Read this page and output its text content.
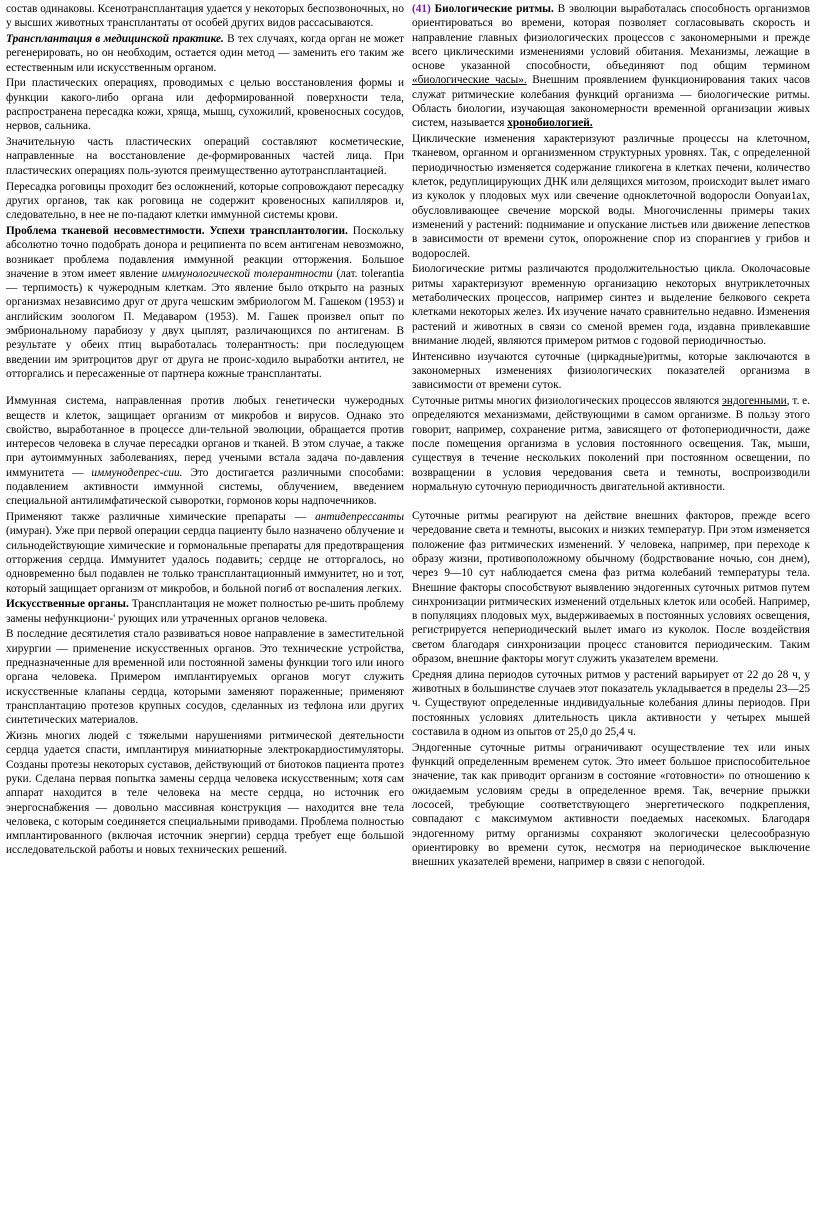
состав одинаковы. Ксенотрансплантация удается у некоторых беспозвоночных, но у высших животных трансплантаты от особей других видов рассасываются.

Трансплантация в медицинской практике. В тех случаях, когда орган не может регенерировать, но он необходим, остается один метод — заменить его таким же естественным или искусственным органом.

При пластических операциях, проводимых с целью восстановления формы и функции какого-либо органа или деформированной поверхности тела, распространена пересадка кожи, хряща, мышц, сухожилий, кровеносных сосудов, нервов, сальника.

Значительную часть пластических операций составляют косметические, направленные на восстановление де-формированных частей лица. При пластических операциях поль-зуются преимущественно аутотрансплантацией.

Пересадка роговицы проходит без осложнений, которые сопровождают пересадку других органов, так как роговица не содержит кровеносных капилляров и, следовательно, в нее не по-падают клетки иммунной системы крови.

Проблема тканевой несовместимости. Успехи трансплантологии. Поскольку абсолютно точно подобрать донора и реципиента по всем антигенам невозможно, возникает проблема подавления иммунной реакции отторжения. Большое значение в этом имеет явление иммунологической толерантности (лат. tolerantia — терпимость) к чужеродным клеткам. Это явление было открыто на разных организмах независимо друг от друга чешским эмбриологом М. Гашеком (1953) и английским зоологом П. Медаваром (1953). М. Гашек произвел опыт по эмбриональному парабиозу у двух цыплят, различающихся по антигенам. В результате у обеих птиц выработалась толерантность: при последующем введении им эритроцитов друг от друга не проис-ходило выработки антител, не отторгались и пересаженные от партнера кожные трансплантаты.

Иммунная система, направленная против любых генетически чужеродных веществ и клеток, защищает организм от микробов и вирусов. Однако это свойство, выработанное в процессе дли-тельной эволюции, обращается против интересов человека в случае пересадки органов и тканей. В этом случае, а также при аутоиммунных заболеваниях, перед учеными встала задача по-давления иммунитета — иммунодепрес-сии. Это достигается различными способами: подавлением активности иммунной системы, облучением, введением специальной антилимфатической сыворотки, гормонов коры надпочечников.

Применяют также различные химические препараты — антидепрессанты (имуран). Уже при первой операции сердца пациенту было назначено облучение и сильнодействующие химические и гормональные препараты для предотвращения отторжения сердца. Иммунитет удалось подавить; сердце не отторгалось, но одновременно был подавлен не только трансплантационный иммунитет, но и тот, который защищает организм от микробов, и больной погиб от воспаления легких.

Искусственные органы. Трансплантация не может полностью ре-шить проблему замены нефункциони-' рующих или утраченных органов человека.

В последние десятилетия стало развиваться новое направление в заместительной хирургии — применение искусственных органов. Это технические устройства, предназначенные для временной или постоянной замены функции того или иного органа человека. Примером имплантируемых органов могут служить искусственные клапаны сердца, которыми заменяют пораженные; применяют трансплантацию протезов крупных сосудов, сделанных из тефлона или других синтетических материалов.

Жизнь многих людей с тяжелыми нарушениями ритмической деятельности сердца удается спасти, имплантируя миниатюрные электрокардиостимуляторы. Созданы протезы некоторых суставов, действующий от биотоков пациента протез руки. Сделана первая попытка замены сердца человека искусственным; хотя сам аппарат находится в теле человека на месте сердца, но источник его энергоснабжения — довольно массивная конструкция — находится вне тела человека, с которым соединяется специальными приводами. Проблема полностью имплантированного (включая источник энергии) сердца требует еще большой исследовательской работы и новых технических решений.

(41) Биологические ритмы. В эволюции выработалась способность организмов ориентироваться во времени, которая позволяет согласовывать скорость и направление главных физиологических процессов с закономерными и прежде всего циклическими изменениями условий обитания. Механизмы, лежащие в основе указанной способности, объединяют под общим термином «биологические часы». Внешним проявлением функционирования таких часов служат ритмические колебания функций организма — биологические ритмы. Область биологии, изучающая закономерности временной организации живых систем, называется хронобиологией.

Циклические изменения характеризуют различные процессы на клеточном, тканевом, органном и организменном структурных уровнях. Так, с определенной периодичностью изменяется содержание гликогена в клетках печени, количество клеток, редуплицирующих ДНК или делящихся митозом, происходит вылет имаго из куколок у плодовых мух или свечение одноклеточной водоросли Ооnуаи1ах, обусловливающее свечение морской воды. Многочисленны примеры таких изменений у растений: поднимание и опускание листьев или движение лепестков в зависимости от времени суток, опорожнение спор из спорангиев у грибов и водорослей.

Биологические ритмы различаются продолжительностью цикла. Околочасовые ритмы характеризуют временную организацию некоторых внутриклеточных метаболических процессов, например синтез и выделение белкового секрета клетками некоторых желез. Их изучение начато сравнительно недавно. Изменения растений и животных в связи со сменой времен года, издавна привлекавшие внимание людей, являются примером ритмов с годовой периодичностью.

Интенсивно изучаются суточные (циркадные)ритмы, которые заключаются в закономерных изменениях физиологических показателей организма в зависимости от времени суток.

Суточные ритмы многих физиологических процессов являются эндогенными, т. е. определяются механизмами, действующими в самом организме. В пользу этого говорит, например, сохранение ритма, зависящего от фотопериодичности, даже после помещения организма в условия постоянного освещения. Так, мыши, существуя в течение нескольких поколений при постоянном освещении, по возвращении в условия чередования света и темноты, воспроизводили нормальную суточную периодичность двигательной активности.

Суточные ритмы реагируют на действие внешних факторов, прежде всего чередование света и темноты, высоких и низких температур. При этом изменяется положение фаз ритмических изменений. У человека, например, при переходе к образу жизни, противоположному обычному (бодрствование ночью, сон днем), через 9—10 сут наблюдается смена фаз ритма колебаний температуры тела. Внешние факторы способствуют выявлению эндогенных суточных ритмов путем синхронизации ритмических изменений отдельных клеток или особей. Например, в популяциях плодовых мух, выдерживаемых в постоянных условиях освещения, регистрируется непериодический вылет имаго из куколок. После воздействия светом благодаря синхронизации процесс становится периодическим. Таким образом, внешние факторы могут служить указателем времени.

Средняя длина периодов суточных ритмов у растений варьирует от 22 до 28 ч, у животных в большинстве случаев этот показатель укладывается в пределы 23—25 ч. Существуют определенные индивидуальные колебания длины периодов. При постоянных условиях длительность цикла активности у четырех мышей составила в одном из опытов от 25,0 до 25,4 ч.

Эндогенные суточные ритмы ограничивают осуществление тех или иных функций определенным временем суток. Это имеет большое приспособительное значение, так как приводит организм в состояние «готовности» по отношению к ожидаемым условиям среды в определенное время. Так, вечерние прыжки лососей, требующие соответствующего энергетического подкрепления, совпадают с максимумом активности поедаемых насекомых. Благодаря эндогенному ритму организмы сохраняют экологически целесообразную ориентировку во времени суток, несмотря на периодическое выключение внешних указателей времени, например в связи с непогодой.
